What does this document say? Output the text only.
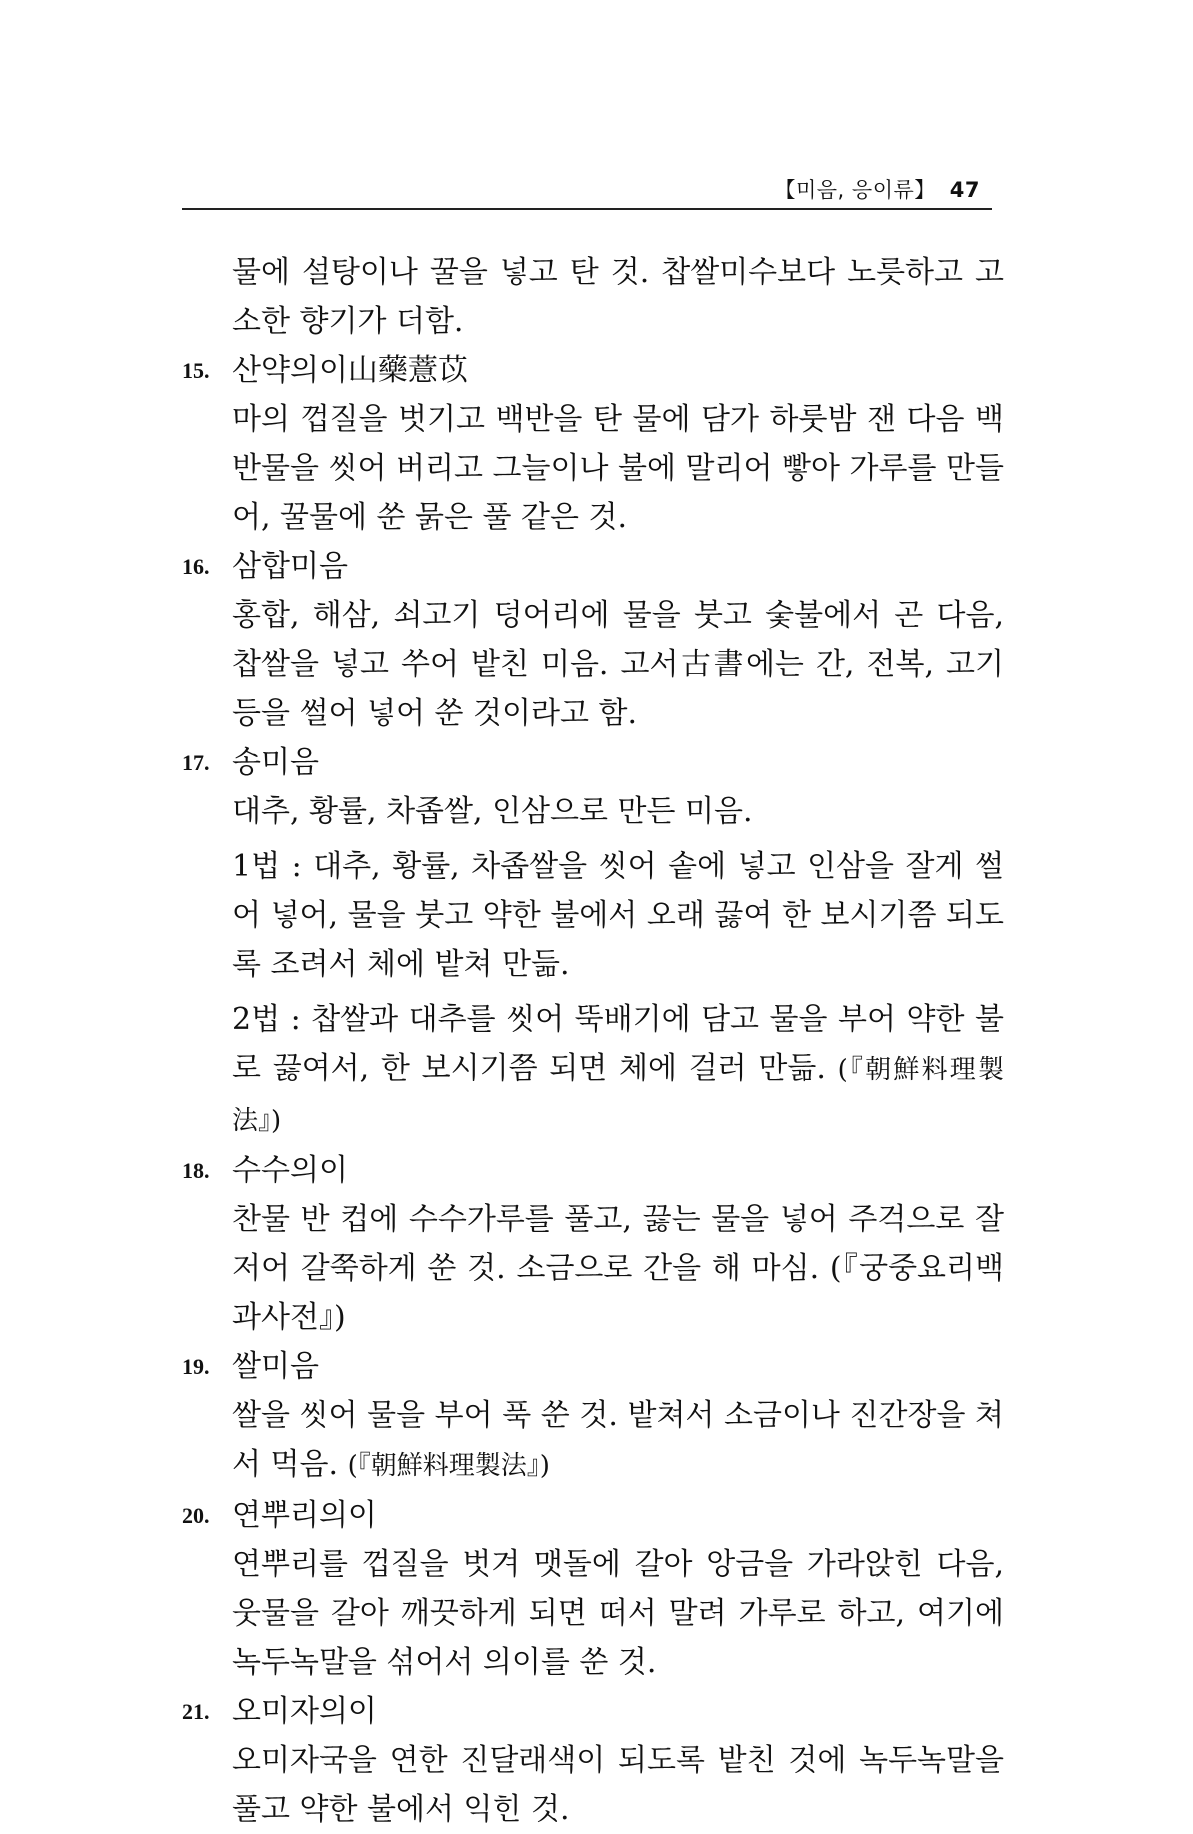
【미음, 응이류】 47

물에 설탕이나 꿀을 넣고 탄 것. 찹쌀미수보다 노릇하고 고소한 향기가 더함.

15. 산약의이山藥薏苡

마의 껍질을 벗기고 백반을 탄 물에 담가 하룻밤 잰 다음 백반물을 씻어 버리고 그늘이나 불에 말리어 빻아 가루를 만들어, 꿀물에 쑨 묽은 풀 같은 것.

16. 삼합미음

홍합, 해삼, 쇠고기 덩어리에 물을 붓고 숯불에서 곤 다음, 찹쌀을 넣고 쑤어 밭친 미음. 고서古書에는 간, 전복, 고기 등을 썰어 넣어 쑨 것이라고 함.

17. 송미음

대추, 황률, 차좁쌀, 인삼으로 만든 미음.

1법 : 대추, 황률, 차좁쌀을 씻어 솥에 넣고 인삼을 잘게 썰어 넣어, 물을 붓고 약한 불에서 오래 끓여 한 보시기쯤 되도록 조려서 체에 밭쳐 만듦.

2법 : 찹쌀과 대추를 씻어 뚝배기에 담고 물을 부어 약한 불로 끓여서, 한 보시기쯤 되면 체에 걸러 만듦. (『朝鮮料理製法』)

18. 수수의이

찬물 반 컵에 수수가루를 풀고, 끓는 물을 넣어 주걱으로 잘 저어 갈쭉하게 쑨 것. 소금으로 간을 해 마심. (『궁중요리백과사전』)

19. 쌀미음

쌀을 씻어 물을 부어 푹 쑨 것. 밭쳐서 소금이나 진간장을 쳐서 먹음. (『朝鮮料理製法』)

20. 연뿌리의이

연뿌리를 껍질을 벗겨 맷돌에 갈아 앙금을 가라앉힌 다음, 웃물을 갈아 깨끗하게 되면 떠서 말려 가루로 하고, 여기에 녹두녹말을 섞어서 의이를 쑨 것.

21. 오미자의이

오미자국을 연한 진달래색이 되도록 밭친 것에 녹두녹말을 풀고 약한 불에서 익힌 것.
